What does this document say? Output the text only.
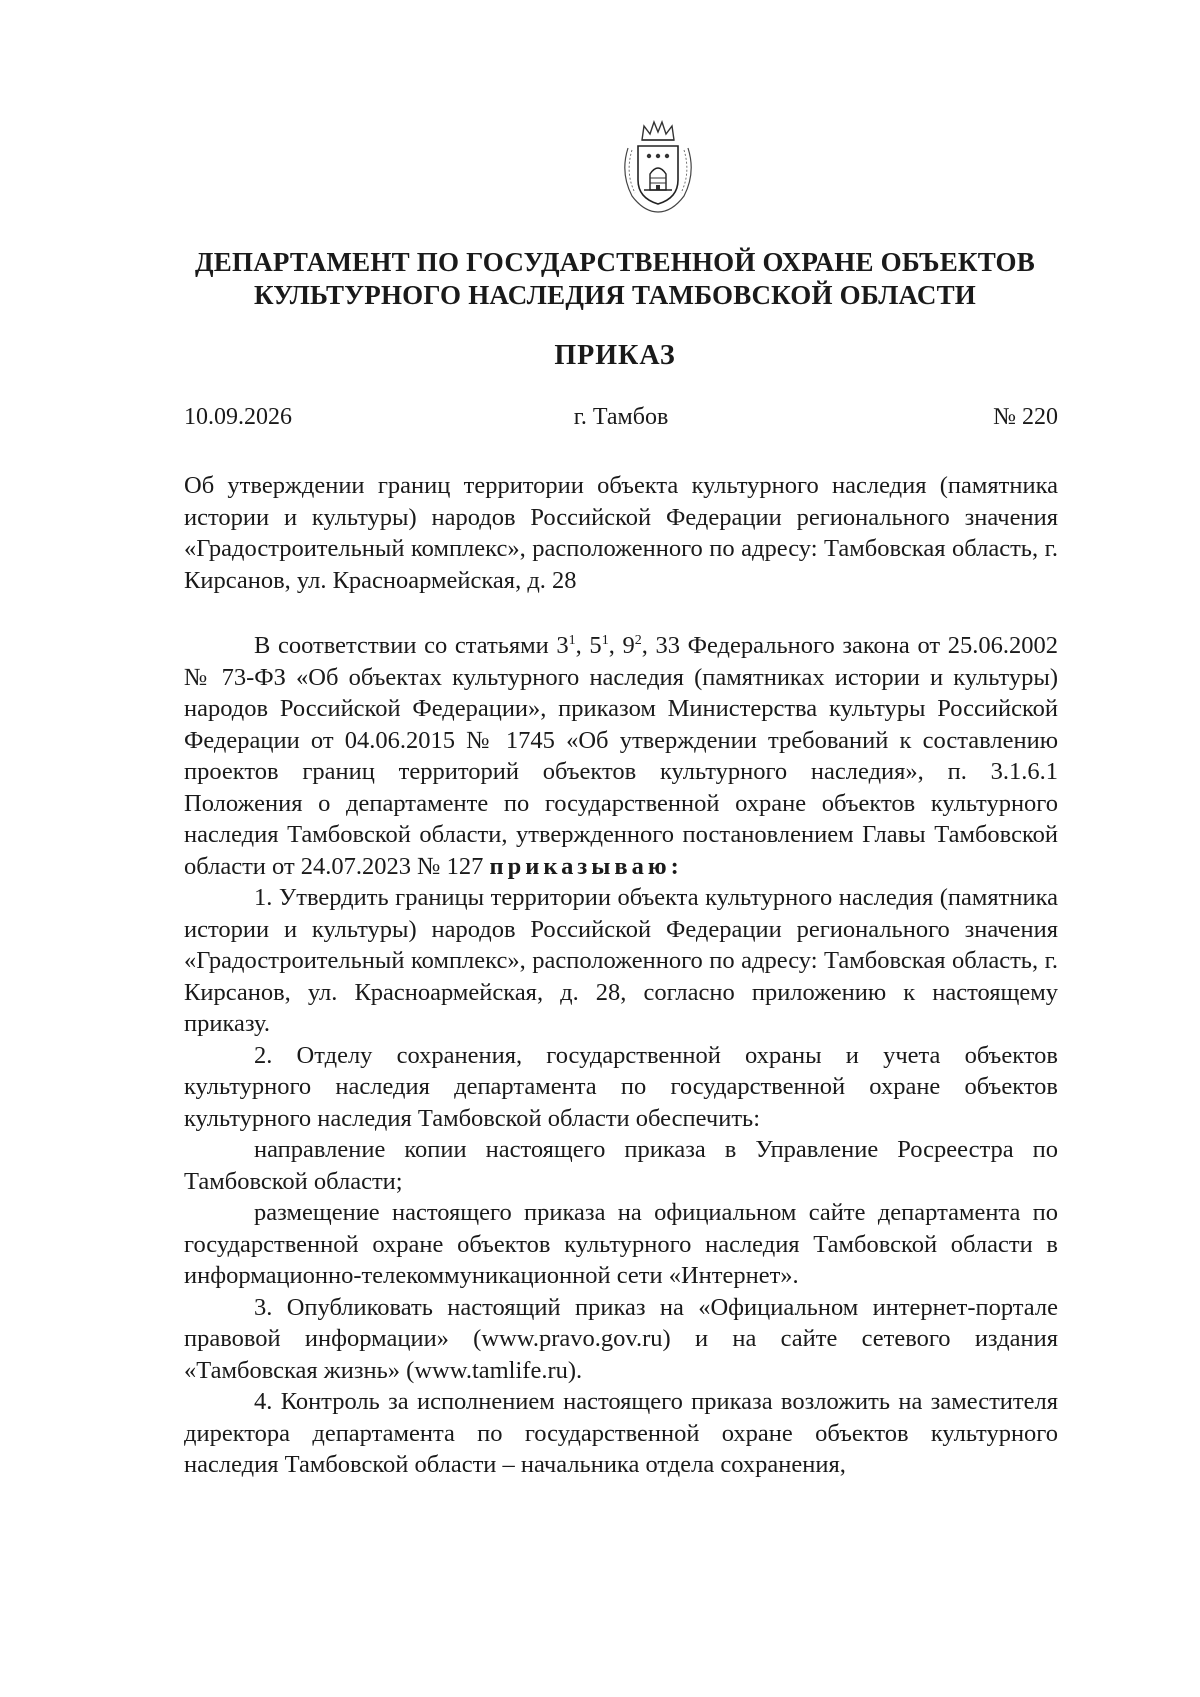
ДЕПАРТАМЕНТ ПО ГОСУДАРСТВЕННОЙ ОХРАНЕ ОБЪЕКТОВ
КУЛЬТУРНОГО НАСЛЕДИЯ ТАМБОВСКОЙ ОБЛАСТИ
ПРИКАЗ
10.09.2026	г. Тамбов	№ 220

Об утверждении границ территории объекта культурного наследия (памятника истории и культуры) народов Российской Федерации регионального значения «Градостроительный комплекс», расположенного по адресу: Тамбовская область, г. Кирсанов, ул. Красноармейская, д. 28

В соответствии со статьями $3^1$, $5^1$, $9^2$, 33 Федерального закона от 25.06.2002 № 73-ФЗ «Об объектах культурного наследия (памятниках истории и культуры) народов Российской Федерации», приказом Министерства культуры Российской Федерации от 04.06.2015 № 1745 «Об утверждении требований к составлению проектов границ территорий объектов культурного наследия», п. 3.1.6.1 Положения о департаменте по государственной охране объектов культурного наследия Тамбовской области, утвержденного постановлением Главы Тамбовской области от 24.07.2023 № 127 приказываю:

1. Утвердить границы территории объекта культурного наследия (памятника истории и культуры) народов Российской Федерации регионального значения «Градостроительный комплекс», расположенного по адресу: Тамбовская область, г. Кирсанов, ул. Красноармейская, д. 28, согласно приложению к настоящему приказу.

2. Отделу сохранения, государственной охраны и учета объектов культурного наследия департамента по государственной охране объектов культурного наследия Тамбовской области обеспечить:

направление копии настоящего приказа в Управление Росреестра по Тамбовской области;

размещение настоящего приказа на официальном сайте департамента по государственной охране объектов культурного наследия Тамбовской области в информационно-телекоммуникационной сети «Интернет».

3. Опубликовать настоящий приказ на «Официальном интернет-портале правовой информации» (www.pravo.gov.ru) и на сайте сетевого издания «Тамбовская жизнь» (www.tamlife.ru).

4. Контроль за исполнением настоящего приказа возложить на заместителя директора департамента по государственной охране объектов культурного наследия Тамбовской области – начальника отдела сохранения,
